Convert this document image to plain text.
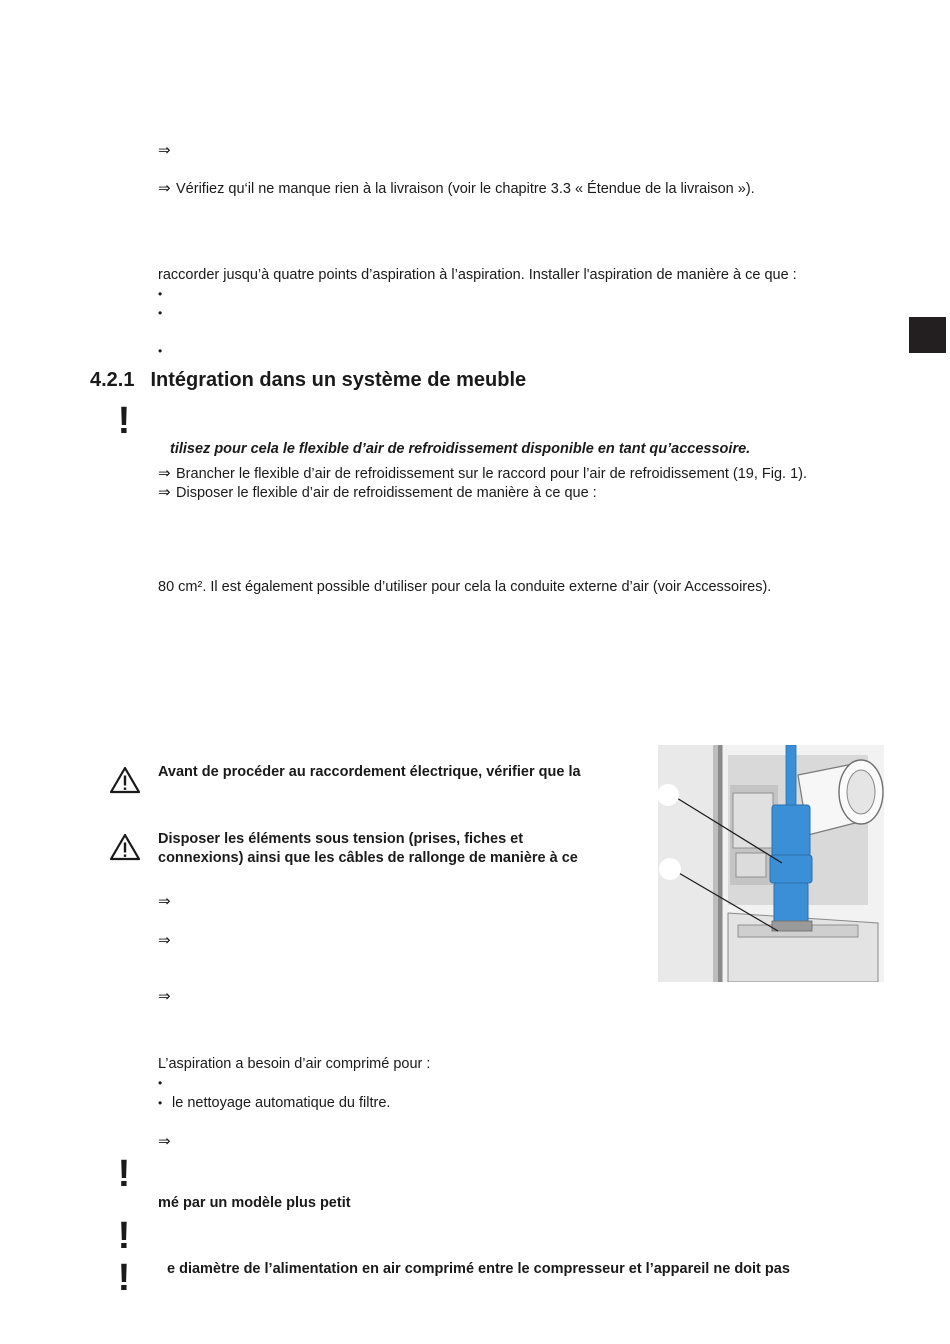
⇒
⇒ Vérifiez qu‘il ne manque rien à la livraison (voir le chapitre 3.3 « Étendue de la livraison »).
raccorder jusqu’à quatre points d’aspiration à l’aspiration. Installer l'aspiration de manière à ce que :
•
•
•
4.2.1 Intégration dans un système de meuble
!
tilisez pour cela le flexible d’air de refroidissement disponible en tant qu’accessoire.
⇒ Brancher le flexible d’air de refroidissement sur le raccord pour l’air de refroidissement (19, Fig. 1).
⇒ Disposer le flexible d’air de refroidissement de manière à ce que :
80 cm². Il est également possible d’utiliser pour cela la conduite externe d’air (voir Accessoires).
Avant de procéder au raccordement électrique, vérifier que la
Disposer les éléments sous tension (prises, fiches et
connexions) ainsi que les câbles de rallonge de manière à ce
⇒
⇒
⇒
L’aspiration a besoin d’air comprimé pour :
•
• le nettoyage automatique du filtre.
⇒
!
mé par un modèle plus petit
!
!	e diamètre de l’alimentation en air comprimé entre le compresseur et l’appareil ne doit pas
